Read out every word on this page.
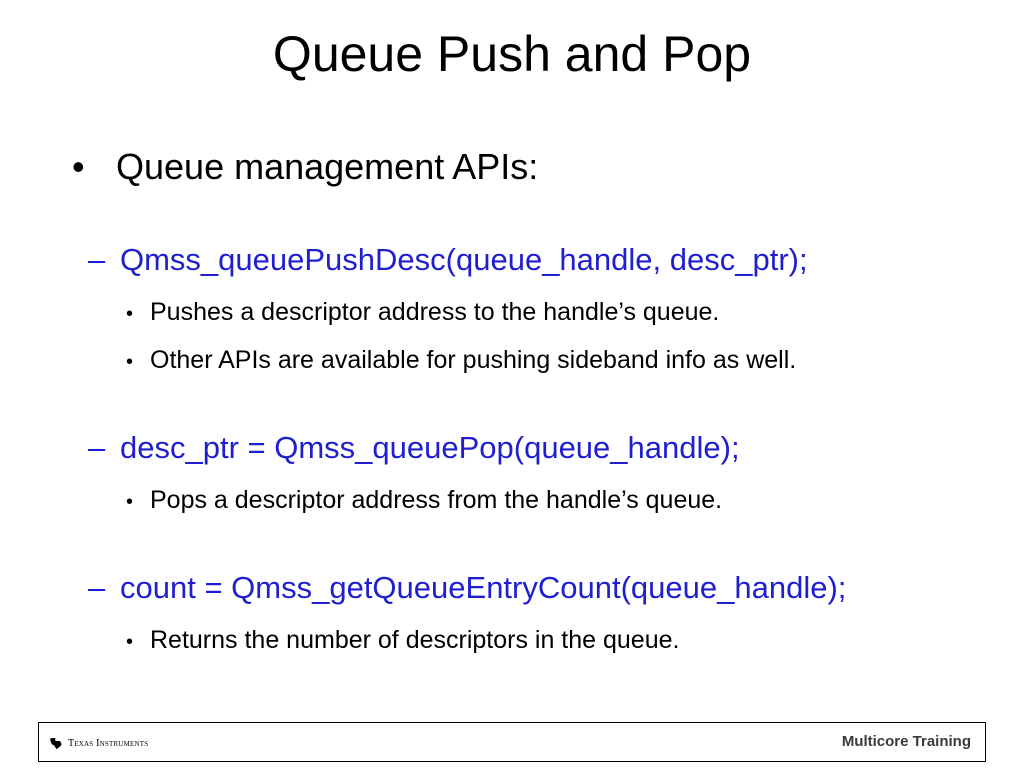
Queue Push and Pop
• Queue management APIs:
– Qmss_queuePushDesc(queue_handle, desc_ptr);
• Pushes a descriptor address to the handle’s queue.
• Other APIs are available for pushing sideband info as well.
– desc_ptr = Qmss_queuePop(queue_handle);
• Pops a descriptor address from the handle’s queue.
– count = Qmss_getQueueEntryCount(queue_handle);
• Returns the number of descriptors in the queue.
Texas Instruments	Multicore Training
